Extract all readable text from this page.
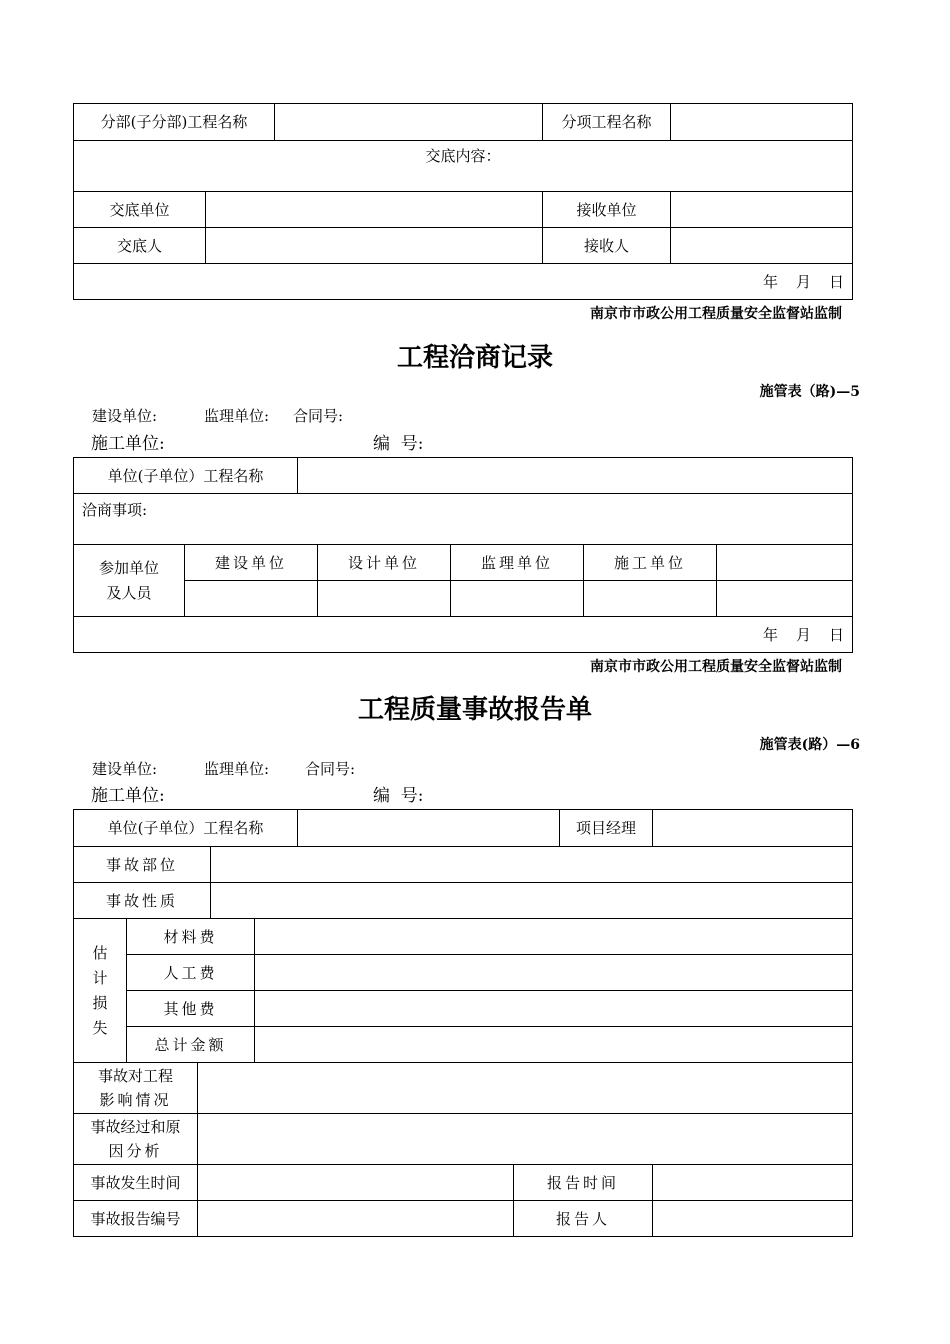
分部(子分部)工程名称			分项工程名称	
交底内容：				
交底单位			接收单位	
交底人			接收人	
年 月 日				
南京市市政公用工程质量安全监督站监制
工程洽商记录
施管表（路)—5
建设单位:	监理单位: 合同号:
施工单位:	编  号:
单位(子单位）工程名称						
洽商事项:						

参加单位
及人员	建设单位		设计单位	监理单位	施工单位	

年 月 日						
南京市市政公用工程质量安全监督站监制
工程质量事故报告单
施管表(路）—6
建设单位:	监理单位: 合同号:
施工单位:	编  号:
单位(子单位）工程名称							项目经理	
事故部位								
事故性质								

估
计
损
失	材料费							
	人工费							
	其他费							
	总计金额							

事故对工程
影响情况								

事故经过和原
因分析								

事故发生时间						报告时间		
事故报告编号						报告人		
